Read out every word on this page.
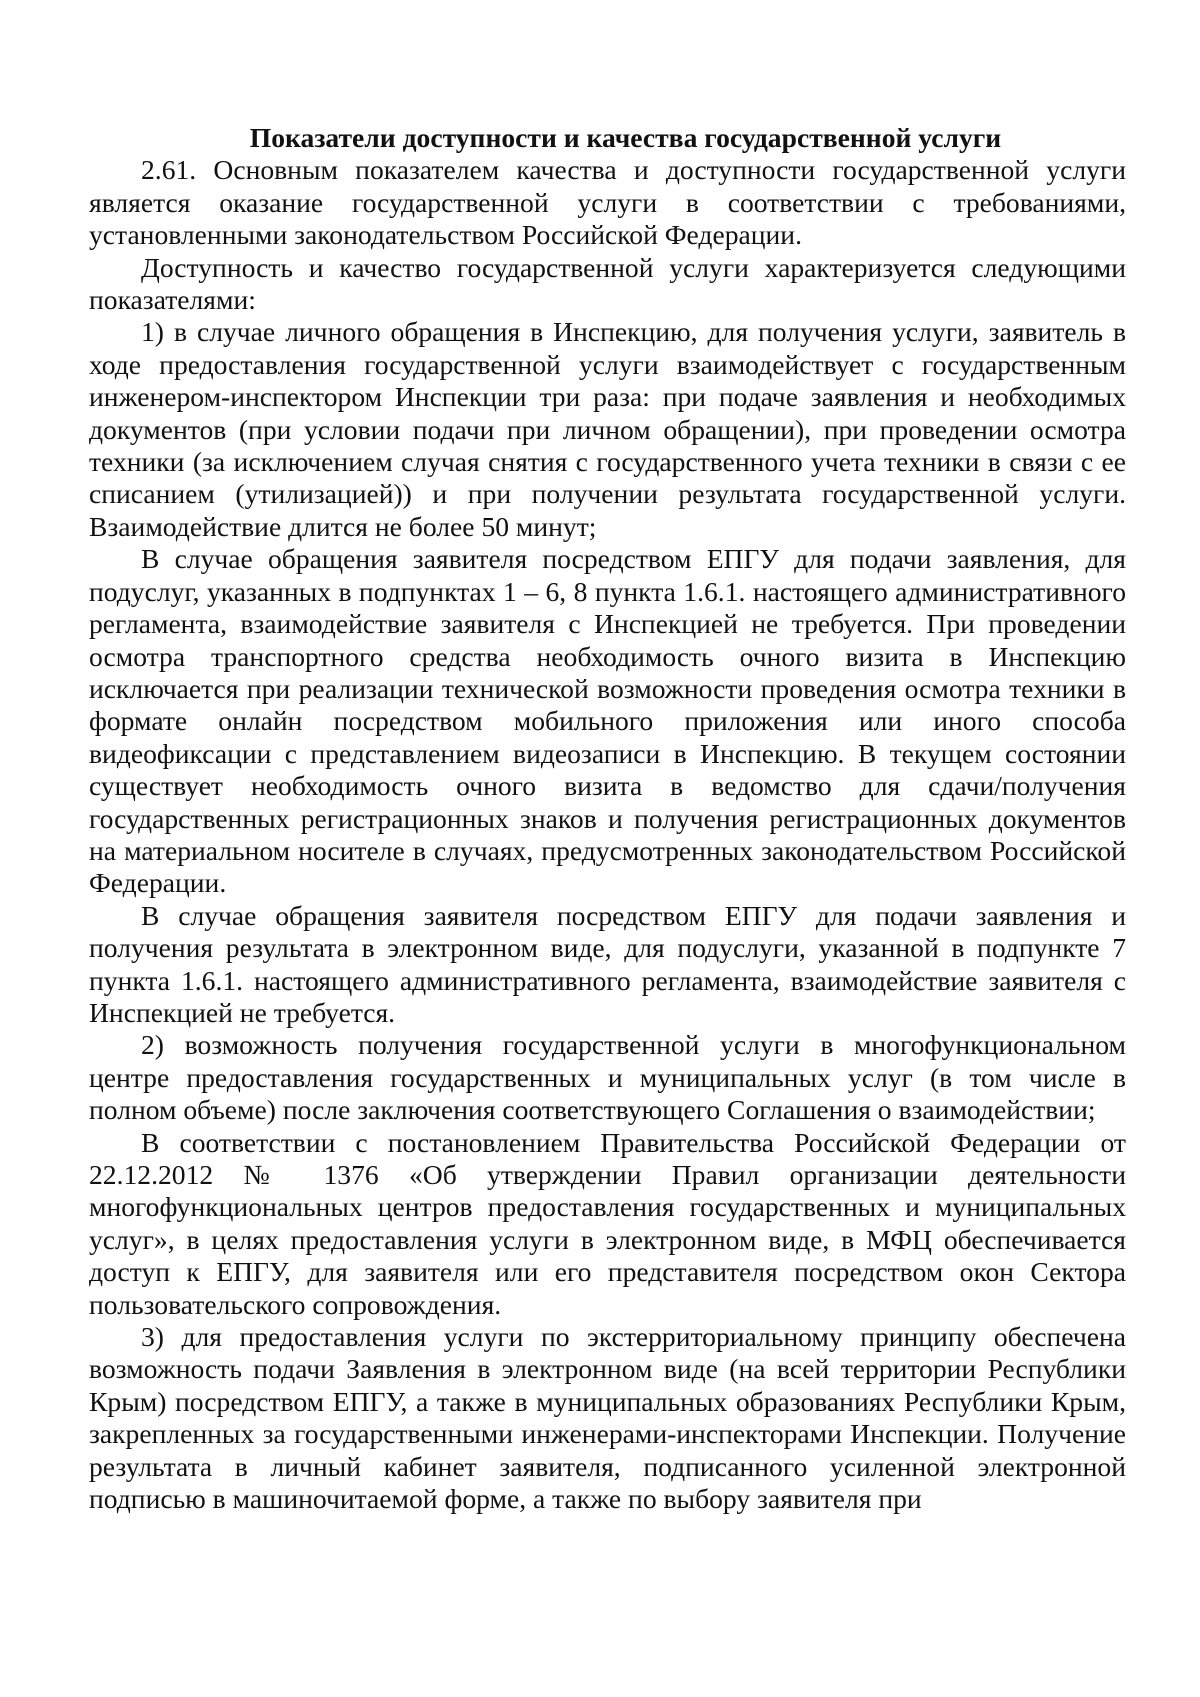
Показатели доступности и качества государственной услуги

2.61. Основным показателем качества и доступности государственной услуги является оказание государственной услуги в соответствии с требованиями, установленными законодательством Российской Федерации.

Доступность и качество государственной услуги характеризуется следующими показателями:

1) в случае личного обращения в Инспекцию, для получения услуги, заявитель в ходе предоставления государственной услуги взаимодействует с государственным инженером-инспектором Инспекции три раза: при подаче заявления и необходимых документов (при условии подачи при личном обращении), при проведении осмотра техники (за исключением случая снятия с государственного учета техники в связи с ее списанием (утилизацией)) и при получении результата государственной услуги. Взаимодействие длится не более 50 минут;

В случае обращения заявителя посредством ЕПГУ для подачи заявления, для подуслуг, указанных в подпунктах 1 – 6, 8 пункта 1.6.1. настоящего административного регламента, взаимодействие заявителя с Инспекцией не требуется. При проведении осмотра транспортного средства необходимость очного визита в Инспекцию исключается при реализации технической возможности проведения осмотра техники в формате онлайн посредством мобильного приложения или иного способа видеофиксации с представлением видеозаписи в Инспекцию. В текущем состоянии существует необходимость очного визита в ведомство для сдачи/получения государственных регистрационных знаков и получения регистрационных документов на материальном носителе в случаях, предусмотренных законодательством Российской Федерации.

В случае обращения заявителя посредством ЕПГУ для подачи заявления и получения результата в электронном виде, для подуслуги, указанной в подпункте 7 пункта 1.6.1. настоящего административного регламента, взаимодействие заявителя с Инспекцией не требуется.

2) возможность получения государственной услуги в многофункциональном центре предоставления государственных и муниципальных услуг (в том числе в полном объеме) после заключения соответствующего Соглашения о взаимодействии;

В соответствии с постановлением Правительства Российской Федерации от 22.12.2012 № 1376 «Об утверждении Правил организации деятельности многофункциональных центров предоставления государственных и муниципальных услуг», в целях предоставления услуги в электронном виде, в МФЦ обеспечивается доступ к ЕПГУ, для заявителя или его представителя посредством окон Сектора пользовательского сопровождения.

3) для предоставления услуги по экстерриториальному принципу обеспечена возможность подачи Заявления в электронном виде (на всей территории Республики Крым) посредством ЕПГУ, а также в муниципальных образованиях Республики Крым, закрепленных за государственными инженерами-инспекторами Инспекции. Получение результата в личный кабинет заявителя, подписанного усиленной электронной подписью в машиночитаемой форме, а также по выбору заявителя при
